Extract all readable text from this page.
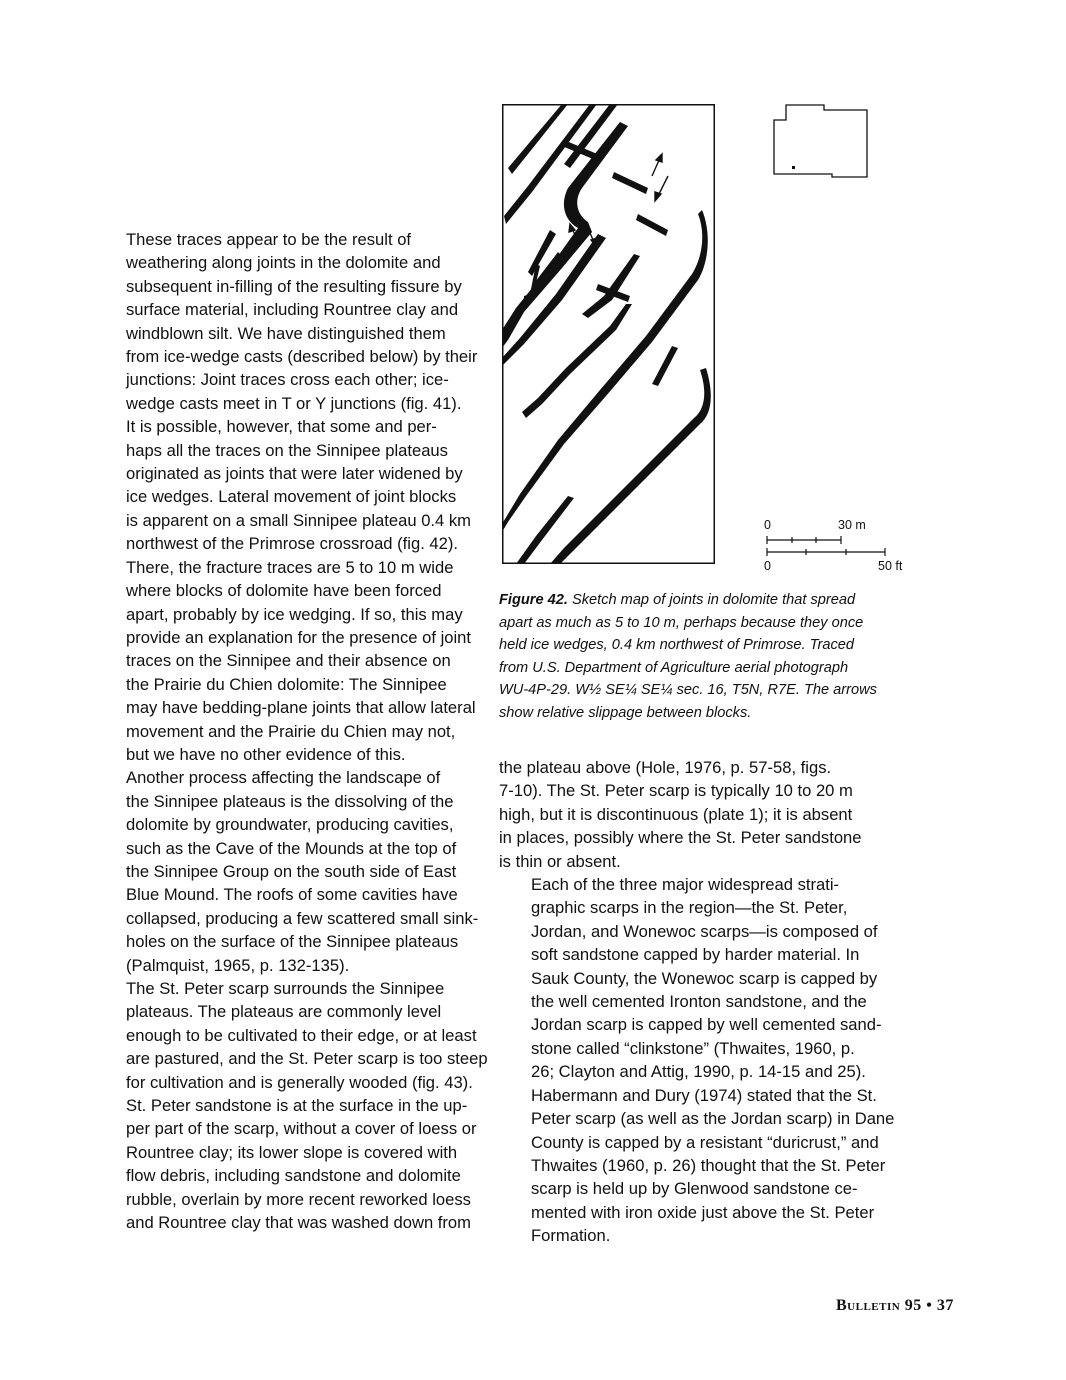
These traces appear to be the result of
weathering along joints in the dolomite and
subsequent in-filling of the resulting fissure by
surface material, including Rountree clay and
windblown silt. We have distinguished them
from ice-wedge casts (described below) by their
junctions: Joint traces cross each other; ice-
wedge casts meet in T or Y junctions (fig. 41).

It is possible, however, that some and per-
haps all the traces on the Sinnipee plateaus
originated as joints that were later widened by
ice wedges. Lateral movement of joint blocks
is apparent on a small Sinnipee plateau 0.4 km
northwest of the Primrose crossroad (fig. 42).
There, the fracture traces are 5 to 10 m wide
where blocks of dolomite have been forced
apart, probably by ice wedging. If so, this may
provide an explanation for the presence of joint
traces on the Sinnipee and their absence on
the Prairie du Chien dolomite: The Sinnipee
may have bedding-plane joints that allow lateral
movement and the Prairie du Chien may not,
but we have no other evidence of this.

Another process affecting the landscape of
the Sinnipee plateaus is the dissolving of the
dolomite by groundwater, producing cavities,
such as the Cave of the Mounds at the top of
the Sinnipee Group on the south side of East
Blue Mound. The roofs of some cavities have
collapsed, producing a few scattered small sink-
holes on the surface of the Sinnipee plateaus
(Palmquist, 1965, p. 132-135).

The St. Peter scarp surrounds the Sinnipee
plateaus. The plateaus are commonly level
enough to be cultivated to their edge, or at least
are pastured, and the St. Peter scarp is too steep
for cultivation and is generally wooded (fig. 43).
St. Peter sandstone is at the surface in the up-
per part of the scarp, without a cover of loess or
Rountree clay; its lower slope is covered with
flow debris, including sandstone and dolomite
rubble, overlain by more recent reworked loess
and Rountree clay that was washed down from

0	30 m
0	50 ft
Figure 42. Sketch map of joints in dolomite that spread
apart as much as 5 to 10 m, perhaps because they once
held ice wedges, 0.4 km northwest of Primrose. Traced
from U.S. Department of Agriculture aerial photograph
WU-4P-29. W½ SE¼ SE¼ sec. 16, T5N, R7E. The arrows
show relative slippage between blocks.

the plateau above (Hole, 1976, p. 57-58, figs.
7-10). The St. Peter scarp is typically 10 to 20 m
high, but it is discontinuous (plate 1); it is absent
in places, possibly where the St. Peter sandstone
is thin or absent.

Each of the three major widespread strati-
graphic scarps in the region—the St. Peter,
Jordan, and Wonewoc scarps—is composed of
soft sandstone capped by harder material. In
Sauk County, the Wonewoc scarp is capped by
the well cemented Ironton sandstone, and the
Jordan scarp is capped by well cemented sand-
stone called “clinkstone” (Thwaites, 1960, p.
26; Clayton and Attig, 1990, p. 14-15 and 25).
Habermann and Dury (1974) stated that the St.
Peter scarp (as well as the Jordan scarp) in Dane
County is capped by a resistant “duricrust,” and
Thwaites (1960, p. 26) thought that the St. Peter
scarp is held up by Glenwood sandstone ce-
mented with iron oxide just above the St. Peter
Formation.

Bulletin 95 • 37
